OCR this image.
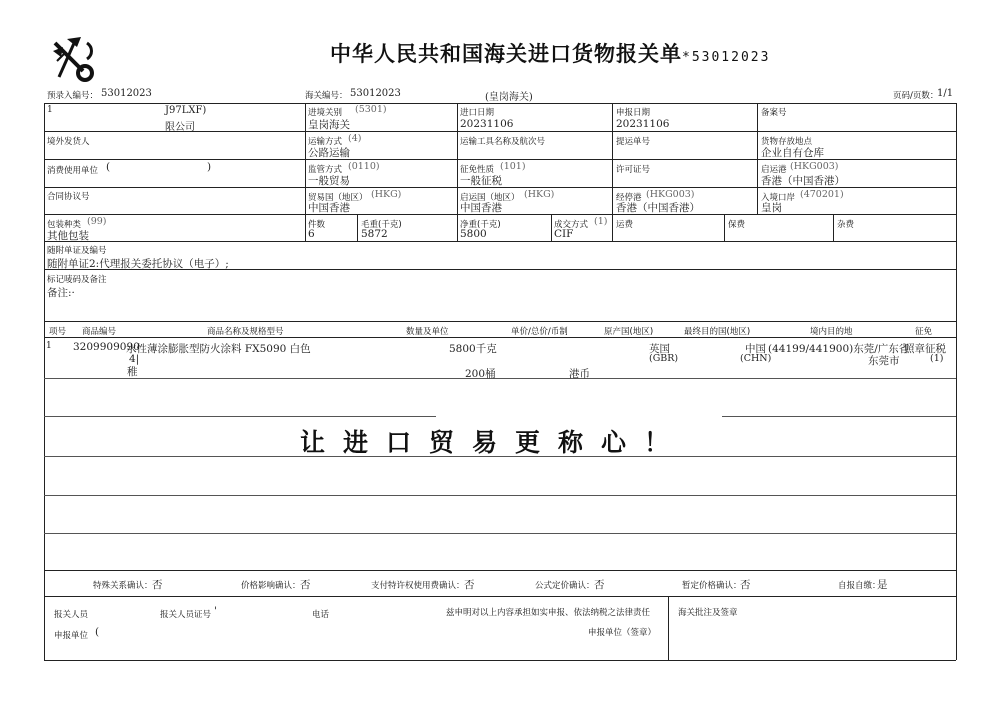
中华人民共和国海关进口货物报关单 *53012023
预录入编号： 53012023	海关编号： 53012023	(皇岗海关)	页码/页数：
1/1
1	J97LXF)
限公司
进境关别 (5301)
皇岗海关
进口日期
20231106
申报日期
20231106
备案号
境外发货人	运输方式 (4)
公路运输
运输工具名称及航次号	提运单号	货物存放地点
企业自有仓库
消费使用单位 (	)	监管方式 (0110)
一般贸易
征免性质 (101)
一般征税
许可证号	启运港 (HKG003)
香港（中国香港）
合同协议号	贸易国（地区） (HKG)
中国香港
启运国（地区） (HKG)
中国香港
经停港 (HKG003)
香港（中国香港）
入境口岸 (470201)
皇岗
包装种类 (99)
其他包装
件数
6
毛重(千克)
5872
净重(千克)
5800
成交方式 (1)
CIF
运费	保费	杂费
随附单证及编号
随附单证2:代理报关委托协议（电子）;
标记唛码及备注
备注:·
项号 商品编号	商品名称及规格型号	数量及单位	单价/总价/币制	原产国(地区)	最终目的国(地区)	境内目的地	征免
1 3209909090
水性薄涂膨胀型防火涂料 FX5090 白色
4|
稚
5800千克
200桶	港币
英国
(GBR)
中国
(CHN)
(44199/441900)东莞/广东省
东莞市
照章征税
(1)
让进口贸易更称心！
特殊关系确认： 否	价格影响确认： 否	支付特许权使用费确认： 否	公式定价确认： 否	暂定价格确认：
否	自报自缴：
是
报关人员	报关人员证号 '	电话	兹申明对以上内容承担如实申报、依法纳税之法律责任
申报单位 (	申报单位（签章）
海关批注及签章
